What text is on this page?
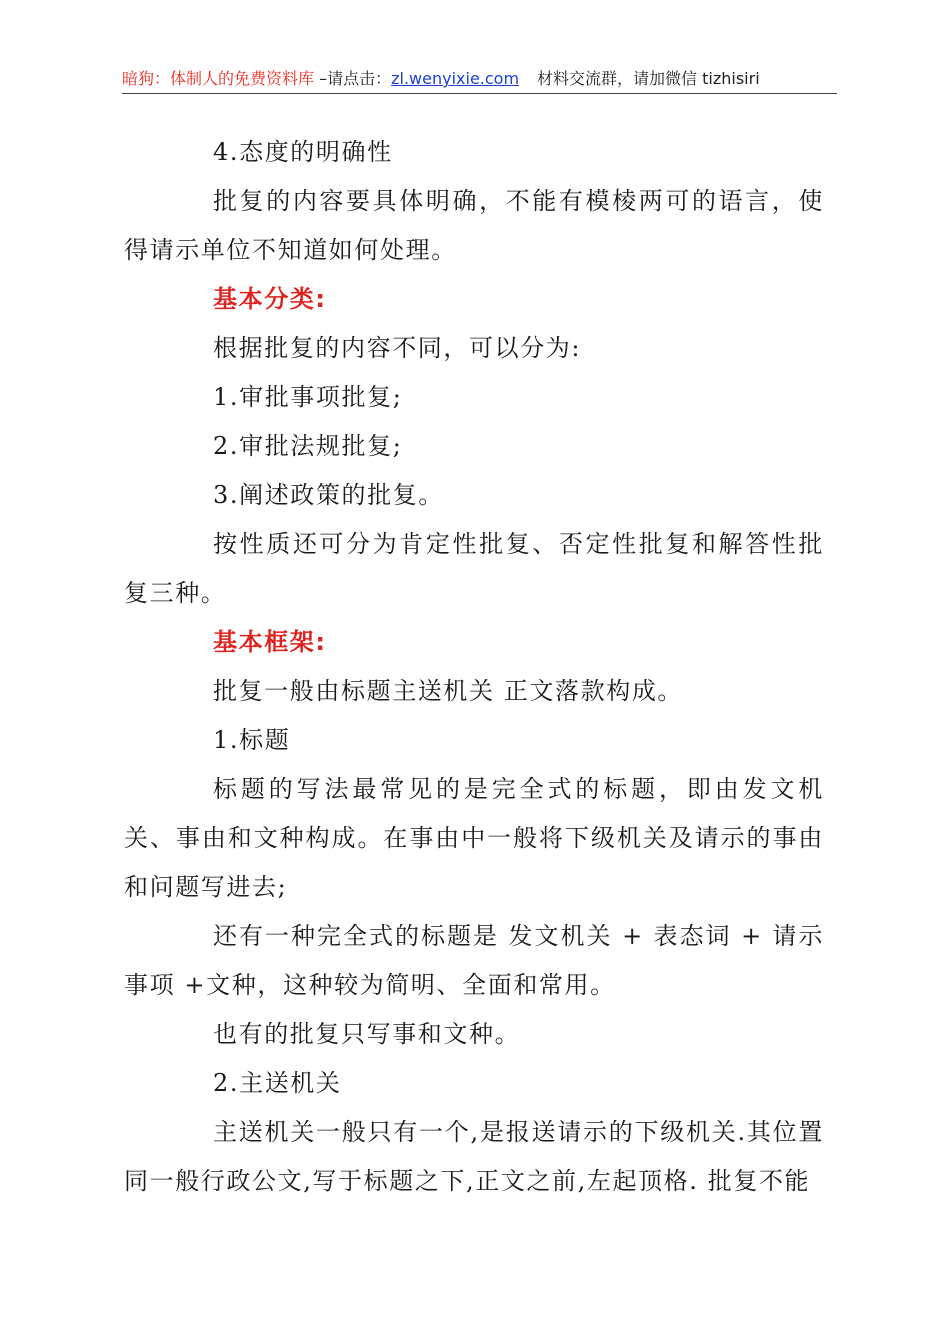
暗狗：体制人的免费资料库 –请点击：zl.wenyixie.com 材料交流群，请加微信 tizhisiri

4.态度的明确性

批复的内容要具体明确，不能有模棱两可的语言，使得请示单位不知道如何处理。

基本分类:

根据批复的内容不同，可以分为:

1.审批事项批复;

2.审批法规批复;

3.阐述政策的批复。

按性质还可分为肯定性批复、否定性批复和解答性批复三种。

基本框架:

批复一般由标题主送机关 正文落款构成。

1.标题

标题的写法最常见的是完全式的标题，即由发文机关、事由和文种构成。在事由中一般将下级机关及请示的事由和问题写进去;

还有一种完全式的标题是 发文机关 + 表态词 + 请示事项 +文种，这种较为简明、全面和常用。

也有的批复只写事和文种。

2.主送机关

主送机关一般只有一个,是报送请示的下级机关.其位置同一般行政公文,写于标题之下,正文之前,左起顶格. 批复不能
